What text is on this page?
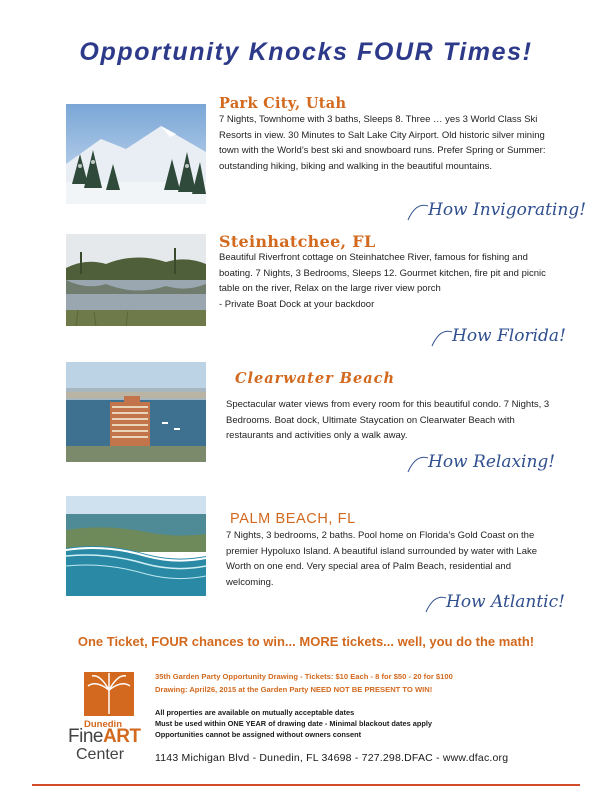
Opportunity Knocks FOUR Times!
Park City, Utah
7 Nights, Townhome with 3 baths, Sleeps 8. Three … yes 3 World Class Ski Resorts in view. 30 Minutes to Salt Lake City Airport. Old historic silver mining town with the World’s best ski and snowboard runs. Prefer Spring or Summer: outstanding hiking, biking and walking in the beautiful mountains.
How Invigorating!
Steinhatchee, FL
Beautiful Riverfront cottage on Steinhatchee River, famous for fishing and boating. 7 Nights, 3 Bedrooms, Sleeps 12. Gourmet kitchen, fire pit and picnic table on the river, Relax on the large river view porch
- Private Boat Dock at your backdoor
How Florida!
Clearwater Beach
Spectacular water views from every room for this beautiful condo. 7 Nights, 3 Bedrooms. Boat dock, Ultimate Staycation on Clearwater Beach with restaurants and activities only a walk away.
How Relaxing!
PALM BEACH, FL
7 Nights, 3 bedrooms, 2 baths. Pool home on Florida’s Gold Coast on the premier Hypoluxo Island. A beautiful island surrounded by water with Lake Worth on one end. Very special area of Palm Beach, residential and welcoming.
How Atlantic!
One Ticket, FOUR chances to win... MORE tickets... well, you do the math!
Dunedin
FineART
Center
35th Garden Party Opportunity Drawing - Tickets: $10 Each - 8 for $50 - 20 for $100
Drawing: April26, 2015 at the Garden Party NEED NOT BE PRESENT TO WIN!
All properties are available on mutually acceptable dates
Must be used within ONE YEAR of drawing date - Minimal blackout dates apply
Opportunities cannot be assigned without owners consent
1143 Michigan Blvd - Dunedin, FL 34698 - 727.298.DFAC - www.dfac.org
